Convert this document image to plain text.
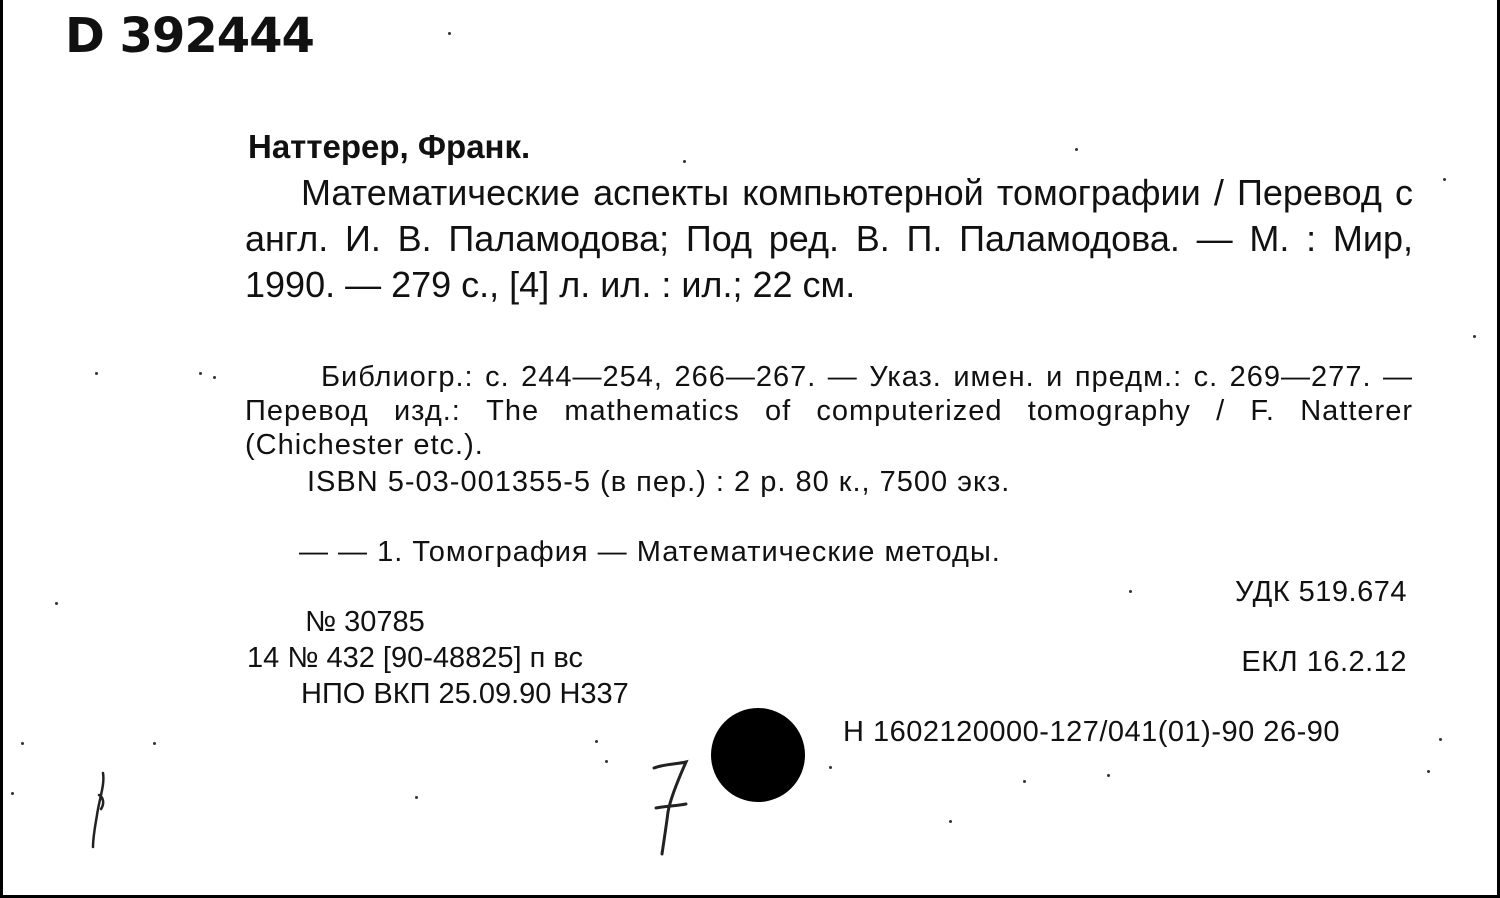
D 392444
Наттерер, Франк.
Математические аспекты компьютерной томографии / Перевод с англ. И. В. Паламодова; Под ред. В. П. Паламодова. — М. : Мир, 1990. — 279 с., [4] л. ил. : ил.; 22 см.
Библиогр.: с. 244—254, 266—267. — Указ. имен. и предм.: с. 269—277. — Перевод изд.: The mathematics of computerized tomography / F. Natterer (Chichester etc.).
ISBN 5-03-001355-5 (в пер.) : 2 р. 80 к., 7500 экз.
— — 1. Томография — Математические методы.
УДК 519.674
№ 30785
14 № 432 [90-48825] п вс
НПО ВКП 25.09.90 Н337
ЕКЛ 16.2.12
Н 1602120000-127/041(01)-90 26-90
